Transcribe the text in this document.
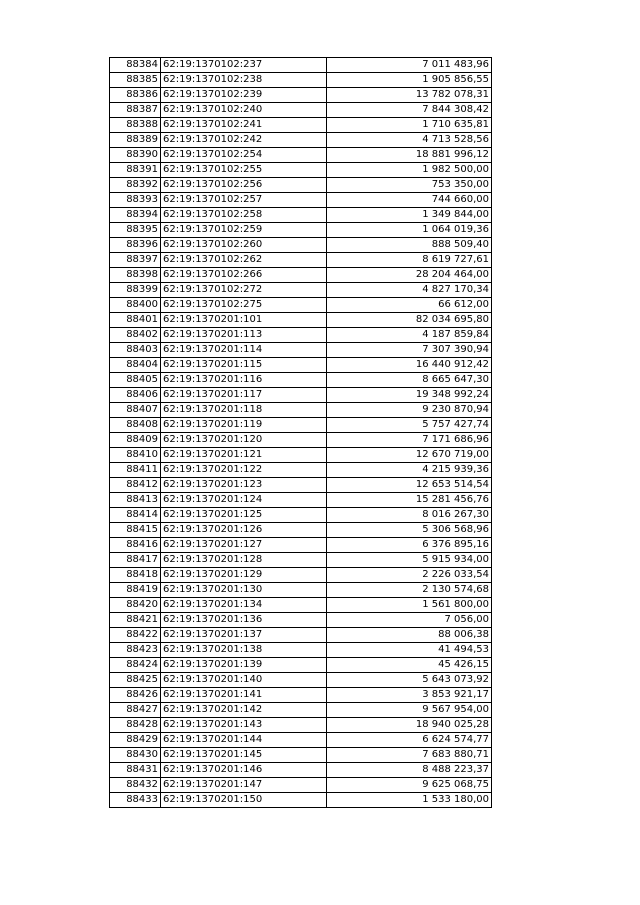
88384	62:19:1370102:237	7 011 483,96
88385	62:19:1370102:238	1 905 856,55
88386	62:19:1370102:239	13 782 078,31
88387	62:19:1370102:240	7 844 308,42
88388	62:19:1370102:241	1 710 635,81
88389	62:19:1370102:242	4 713 528,56
88390	62:19:1370102:254	18 881 996,12
88391	62:19:1370102:255	1 982 500,00
88392	62:19:1370102:256	753 350,00
88393	62:19:1370102:257	744 660,00
88394	62:19:1370102:258	1 349 844,00
88395	62:19:1370102:259	1 064 019,36
88396	62:19:1370102:260	888 509,40
88397	62:19:1370102:262	8 619 727,61
88398	62:19:1370102:266	28 204 464,00
88399	62:19:1370102:272	4 827 170,34
88400	62:19:1370102:275	66 612,00
88401	62:19:1370201:101	82 034 695,80
88402	62:19:1370201:113	4 187 859,84
88403	62:19:1370201:114	7 307 390,94
88404	62:19:1370201:115	16 440 912,42
88405	62:19:1370201:116	8 665 647,30
88406	62:19:1370201:117	19 348 992,24
88407	62:19:1370201:118	9 230 870,94
88408	62:19:1370201:119	5 757 427,74
88409	62:19:1370201:120	7 171 686,96
88410	62:19:1370201:121	12 670 719,00
88411	62:19:1370201:122	4 215 939,36
88412	62:19:1370201:123	12 653 514,54
88413	62:19:1370201:124	15 281 456,76
88414	62:19:1370201:125	8 016 267,30
88415	62:19:1370201:126	5 306 568,96
88416	62:19:1370201:127	6 376 895,16
88417	62:19:1370201:128	5 915 934,00
88418	62:19:1370201:129	2 226 033,54
88419	62:19:1370201:130	2 130 574,68
88420	62:19:1370201:134	1 561 800,00
88421	62:19:1370201:136	7 056,00
88422	62:19:1370201:137	88 006,38
88423	62:19:1370201:138	41 494,53
88424	62:19:1370201:139	45 426,15
88425	62:19:1370201:140	5 643 073,92
88426	62:19:1370201:141	3 853 921,17
88427	62:19:1370201:142	9 567 954,00
88428	62:19:1370201:143	18 940 025,28
88429	62:19:1370201:144	6 624 574,77
88430	62:19:1370201:145	7 683 880,71
88431	62:19:1370201:146	8 488 223,37
88432	62:19:1370201:147	9 625 068,75
88433	62:19:1370201:150	1 533 180,00
